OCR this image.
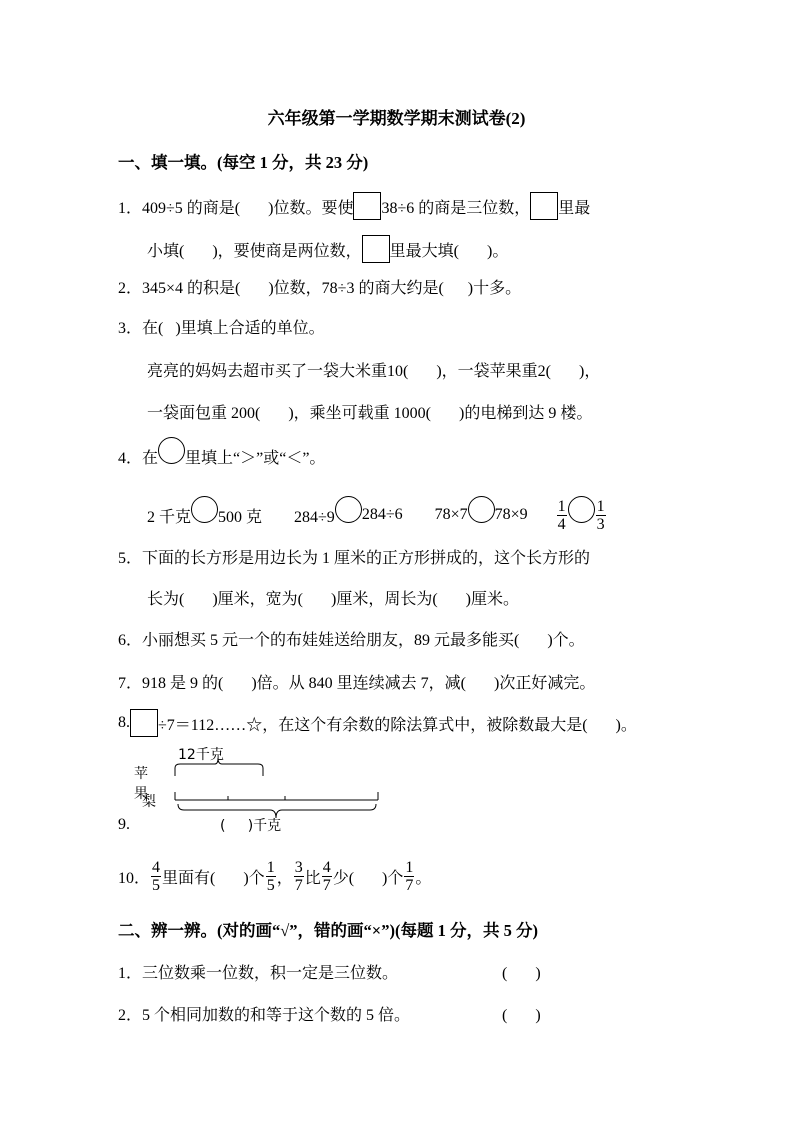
六年级第一学期数学期末测试卷(2)
一、填一填。(每空 1 分，共 23 分)
二、辨一辨。(对的画“√”，错的画“×”)(每题 1 分，共 5 分)
1．409÷5 的商是(       )位数。要使 38÷6 的商是三位数， 里最
小填(       )，要使商是两位数， 里最大填(       )。
2．345×4 的积是(       )位数，78÷3 的商大约是(      )十多。
3．在(   )里填上合适的单位。
亮亮的妈妈去超市买了一袋大米重10(       )，一袋苹果重2(       )，
一袋面包重 200(       )，乘坐可载重 1000(       )的电梯到达 9 楼。
4．在 里填上“＞”或“＜”。
2 千克 500 克        284÷9 284÷6        78×7 $78\times 9 \frac{1}{4} \frac{1}{3}$
5．下面的长方形是用边长为 1 厘米的正方形拼成的，这个长方形的
长为(       )厘米，宽为(       )厘米，周长为(       )厘米。
6．小丽想买 5 元一个的布娃娃送给朋友，89 元最多能买(       )个。
7．918 是 9 的(       )倍。从 840 里连续减去 7，减(       )次正好减完。
8. ÷7＝112……☆，在这个有余数的除法算式中，被除数最大是(       )。
9.
10． $\frac{4}{5}$ 里面有(       )个 $\frac{1}{5}$ ， $\frac{3}{7}$ 比 $\frac{4}{7}$ 少(       )个 $\frac{1}{7}$ 。
1．三位数乘一位数，积一定是三位数。                          (       )
2．5 个相同加数的和等于这个数的 5 倍。                       (       )
12千克
苹果
梨
(     )千克
